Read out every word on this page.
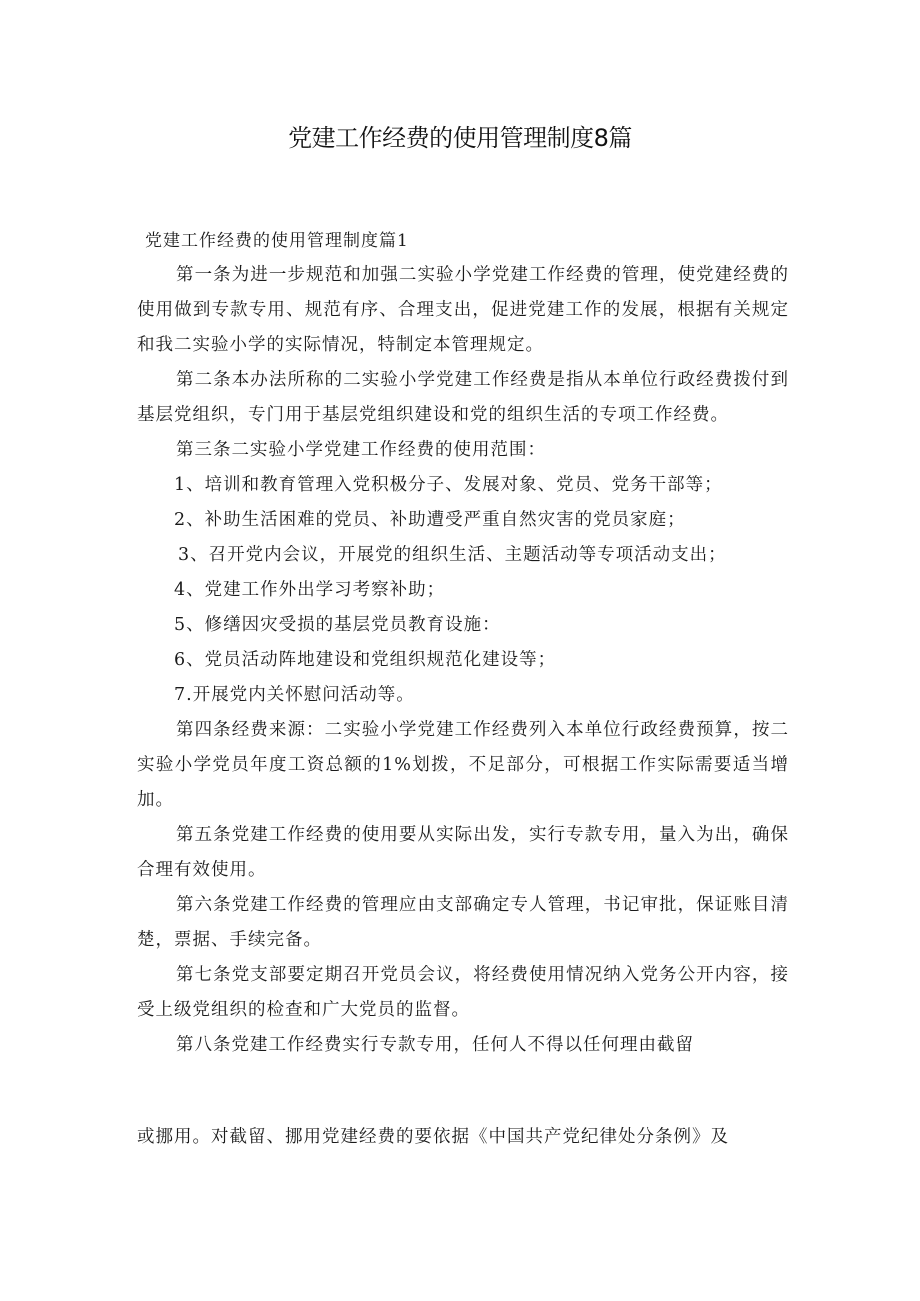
党建工作经费的使用管理制度8篇
党建工作经费的使用管理制度篇1

第一条为进一步规范和加强二实验小学党建工作经费的管理，使党建经费的使用做到专款专用、规范有序、合理支出，促进党建工作的发展，根据有关规定和我二实验小学的实际情况，特制定本管理规定。

第二条本办法所称的二实验小学党建工作经费是指从本单位行政经费拨付到基层党组织，专门用于基层党组织建设和党的组织生活的专项工作经费。

第三条二实验小学党建工作经费的使用范围：

1、培训和教育管理入党积极分子、发展对象、党员、党务干部等；

2、补助生活困难的党员、补助遭受严重自然灾害的党员家庭；

3、召开党内会议，开展党的组织生活、主题活动等专项活动支出；

4、党建工作外出学习考察补助；

5、修缮因灾受损的基层党员教育设施：

6、党员活动阵地建设和党组织规范化建设等；

7.开展党内关怀慰问活动等。

第四条经费来源：二实验小学党建工作经费列入本单位行政经费预算，按二实验小学党员年度工资总额的1%划拨，不足部分，可根据工作实际需要适当增加。

第五条党建工作经费的使用要从实际出发，实行专款专用，量入为出，确保合理有效使用。

第六条党建工作经费的管理应由支部确定专人管理，书记审批，保证账目清楚，票据、手续完备。

第七条党支部要定期召开党员会议，将经费使用情况纳入党务公开内容，接受上级党组织的检查和广大党员的监督。

第八条党建工作经费实行专款专用，任何人不得以任何理由截留

或挪用。对截留、挪用党建经费的要依据《中国共产党纪律处分条例》及
